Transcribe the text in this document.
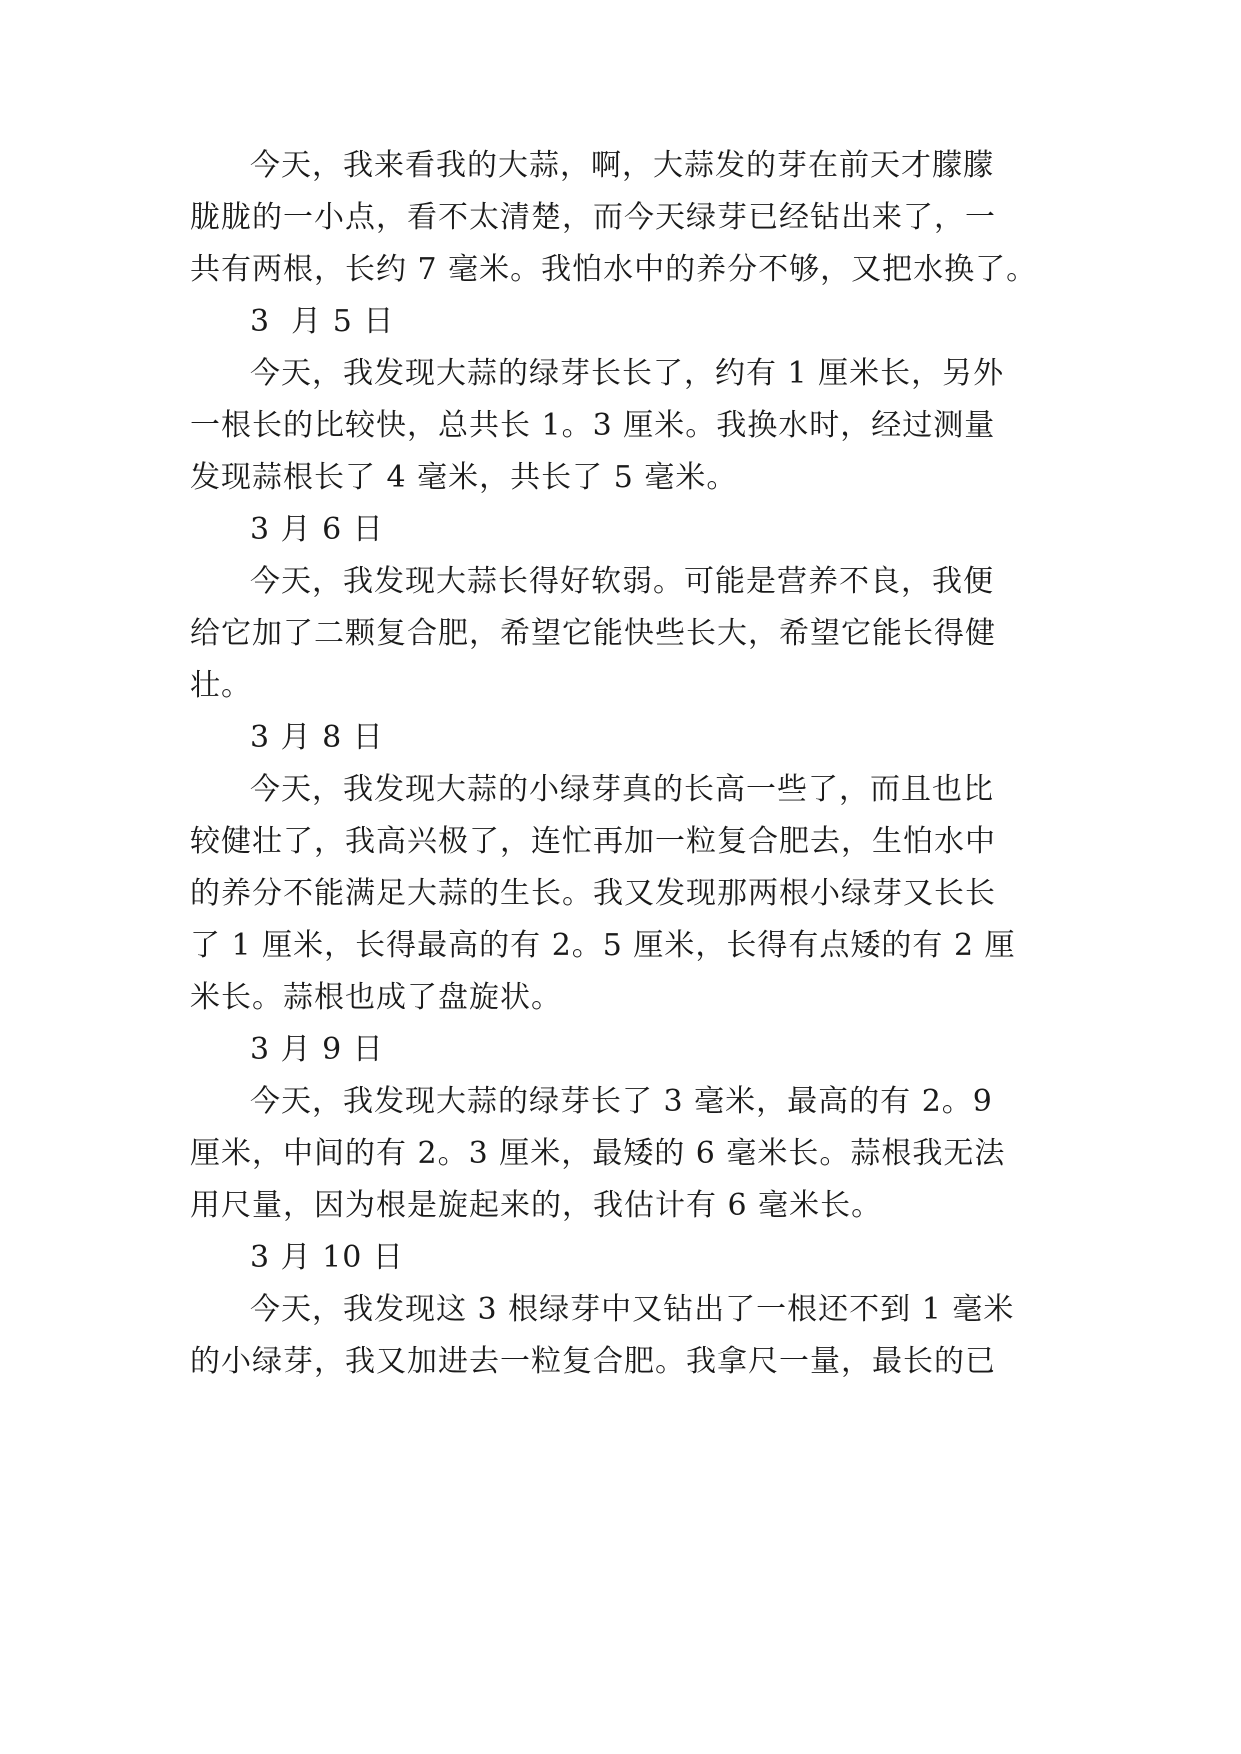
今天，我来看我的大蒜，啊，大蒜发的芽在前天才朦朦
胧胧的一小点，看不太清楚，而今天绿芽已经钻出来了，一
共有两根，长约 7 毫米。我怕水中的养分不够，又把水换了。
3  月 5 日
今天，我发现大蒜的绿芽长长了，约有 1 厘米长，另外
一根长的比较快，总共长 1。3 厘米。我换水时，经过测量
发现蒜根长了 4 毫米，共长了 5 毫米。
3 月 6 日
今天，我发现大蒜长得好软弱。可能是营养不良，我便
给它加了二颗复合肥，希望它能快些长大，希望它能长得健
壮。
3 月 8 日
今天，我发现大蒜的小绿芽真的长高一些了，而且也比
较健壮了，我高兴极了，连忙再加一粒复合肥去，生怕水中
的养分不能满足大蒜的生长。我又发现那两根小绿芽又长长
了 1 厘米，长得最高的有 2。5 厘米，长得有点矮的有 2 厘
米长。蒜根也成了盘旋状。
3 月 9 日
今天，我发现大蒜的绿芽长了 3 毫米，最高的有 2。9
厘米，中间的有 2。3 厘米，最矮的 6 毫米长。蒜根我无法
用尺量，因为根是旋起来的，我估计有 6 毫米长。
3 月 10 日
今天，我发现这 3 根绿芽中又钻出了一根还不到 1 毫米
的小绿芽，我又加进去一粒复合肥。我拿尺一量，最长的已
